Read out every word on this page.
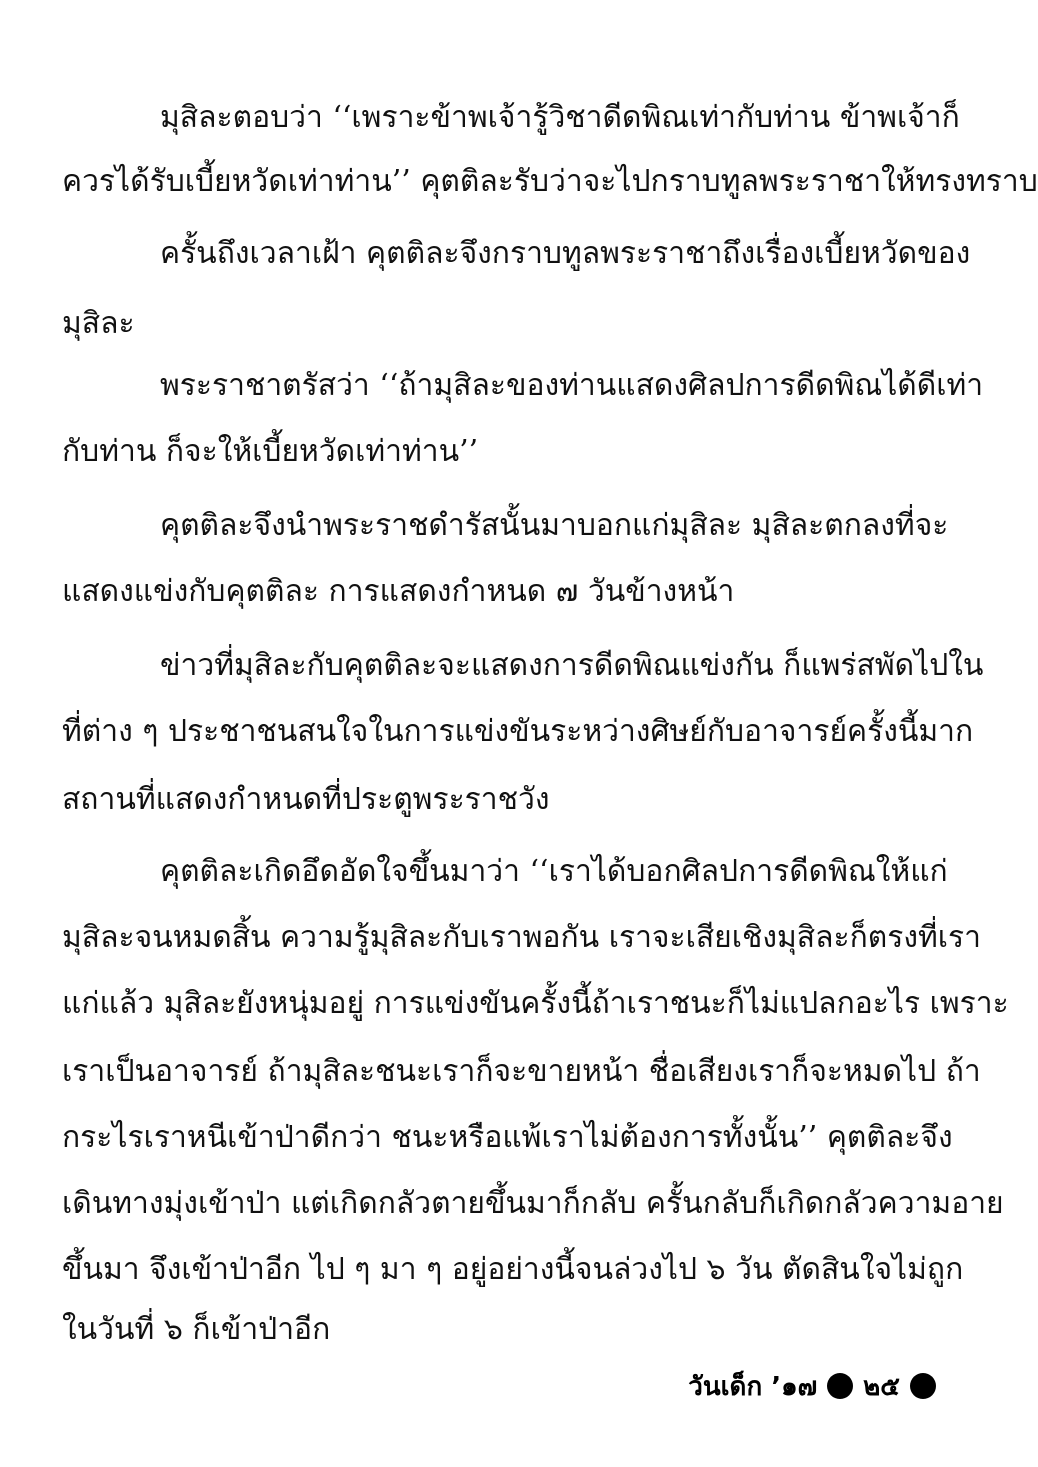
มุสิละตอบว่า ‘‘เพราะข้าพเจ้ารู้วิชาดีดพิณเท่ากับท่าน ข้าพเจ้าก็
ควรได้รับเบี้ยหวัดเท่าท่าน’’ คุตติละรับว่าจะไปกราบทูลพระราชาให้ทรงทราบ
ครั้นถึงเวลาเฝ้า คุตติละจึงกราบทูลพระราชาถึงเรื่องเบี้ยหวัดของ
มุสิละ
พระราชาตรัสว่า ‘‘ถ้ามุสิละของท่านแสดงศิลปการดีดพิณได้ดีเท่า
กับท่าน ก็จะให้เบี้ยหวัดเท่าท่าน’’
คุตติละจึงนำพระราชดำรัสนั้นมาบอกแก่มุสิละ มุสิละตกลงที่จะ
แสดงแข่งกับคุตติละ การแสดงกำหนด ๗ วันข้างหน้า
ข่าวที่มุสิละกับคุตติละจะแสดงการดีดพิณแข่งกัน ก็แพร่สพัดไปใน
ที่ต่าง ๆ ประชาชนสนใจในการแข่งขันระหว่างศิษย์กับอาจารย์ครั้งนี้มาก
สถานที่แสดงกำหนดที่ประตูพระราชวัง
คุตติละเกิดอึดอัดใจขึ้นมาว่า ‘‘เราได้บอกศิลปการดีดพิณให้แก่
มุสิละจนหมดสิ้น ความรู้มุสิละกับเราพอกัน เราจะเสียเชิงมุสิละก็ตรงที่เรา
แก่แล้ว มุสิละยังหนุ่มอยู่ การแข่งขันครั้งนี้ถ้าเราชนะก็ไม่แปลกอะไร เพราะ
เราเป็นอาจารย์ ถ้ามุสิละชนะเราก็จะขายหน้า ชื่อเสียงเราก็จะหมดไป ถ้า
กระไรเราหนีเข้าป่าดีกว่า ชนะหรือแพ้เราไม่ต้องการทั้งนั้น’’ คุตติละจึง
เดินทางมุ่งเข้าป่า แต่เกิดกลัวตายขึ้นมาก็กลับ ครั้นกลับก็เกิดกลัวความอาย
ขึ้นมา จึงเข้าป่าอีก ไป ๆ มา ๆ อยู่อย่างนี้จนล่วงไป ๖ วัน ตัดสินใจไม่ถูก
ในวันที่ ๖ ก็เข้าป่าอีก
วันเด็ก ’๑๗ ๒๕
